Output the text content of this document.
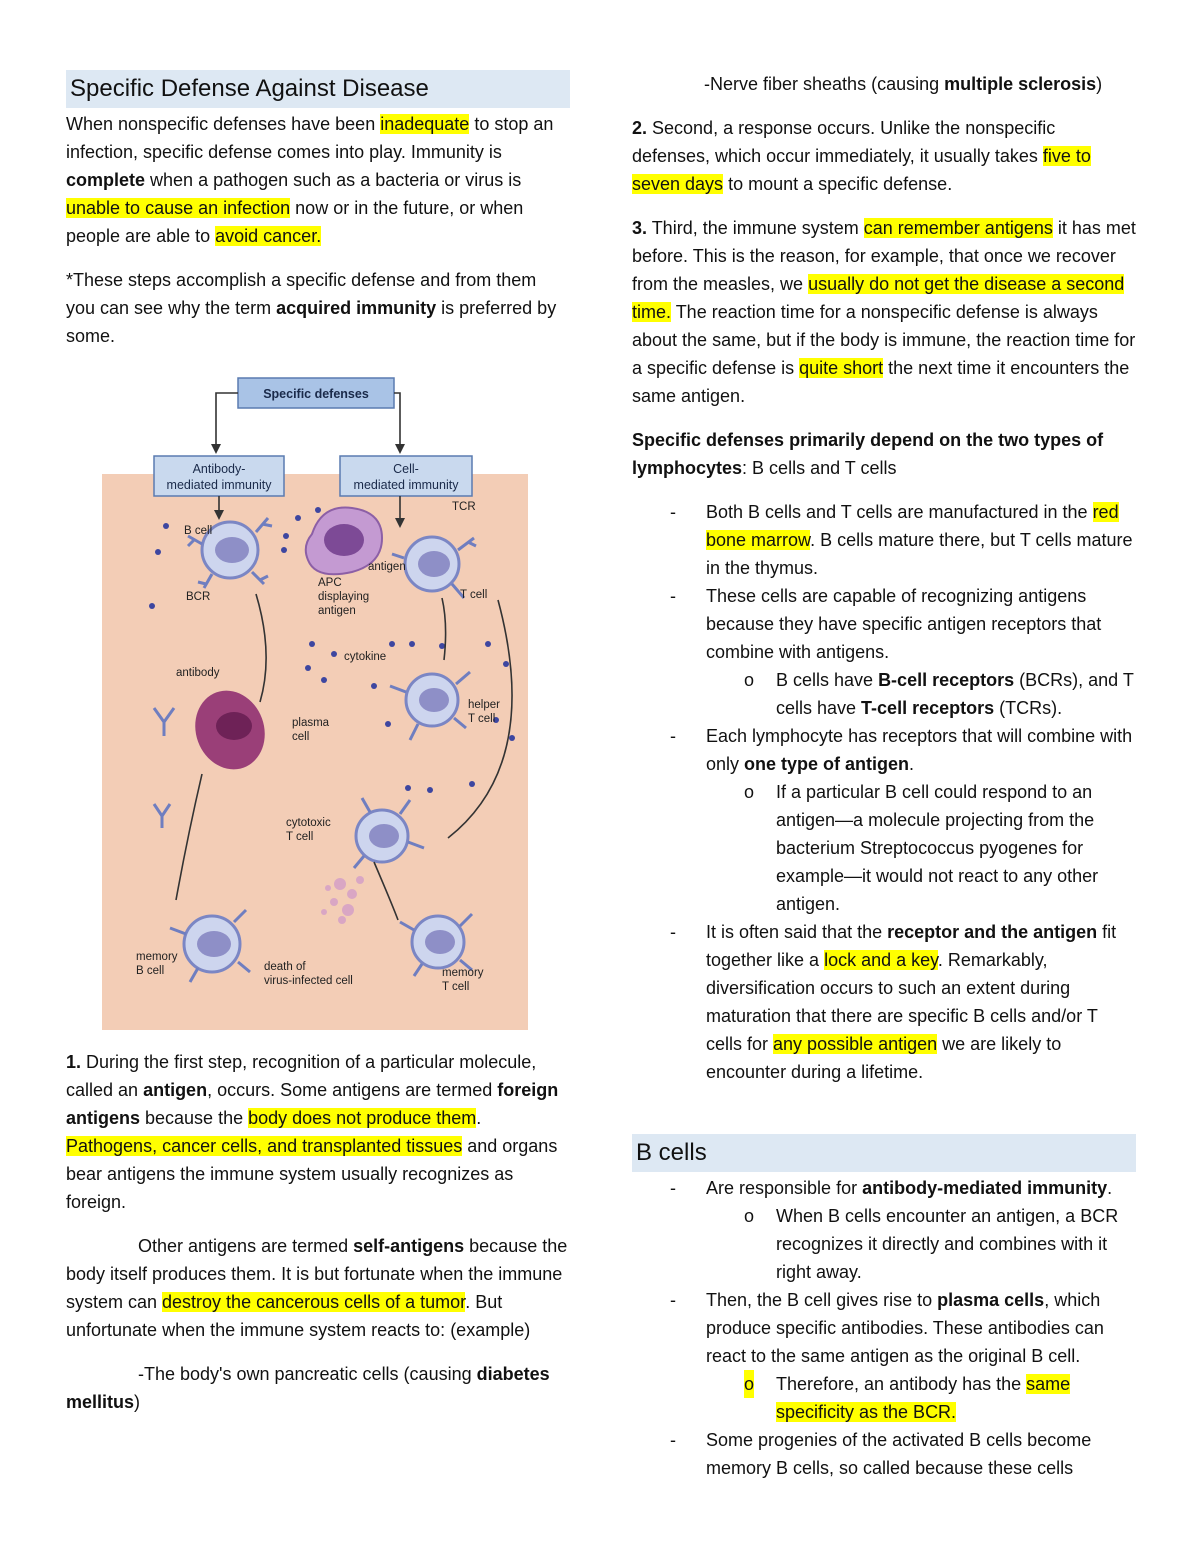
Specific Defense Against Disease

When nonspecific defenses have been inadequate to stop an infection, specific defense comes into play. Immunity is complete when a pathogen such as a bacteria or virus is unable to cause an infection now or in the future, or when people are able to avoid cancer.

*These steps accomplish a specific defense and from them you can see why the term acquired immunity is preferred by some.

Specific defenses
Antibody-
mediated immunity
Cell-
mediated immunity
B cell
BCR
TCR
antigen
APC
displaying
antigen
T cell
cytokine
antibody
plasma
cell
helper
T cell
cytotoxic
T cell
memory
B cell	death of
virus-infected cell
memory
T cell

1. During the first step, recognition of a particular molecule, called an antigen, occurs. Some antigens are termed foreign antigens because the body does not produce them. Pathogens, cancer cells, and transplanted tissues and organs bear antigens the immune system usually recognizes as foreign.

Other antigens are termed self-antigens because the body itself produces them. It is but fortunate when the immune system can destroy the cancerous cells of a tumor. But unfortunate when the immune system reacts to: (example)

-The body's own pancreatic cells (causing diabetes mellitus)

-Nerve fiber sheaths (causing multiple sclerosis)

2. Second, a response occurs. Unlike the nonspecific defenses, which occur immediately, it usually takes five to seven days to mount a specific defense.

3. Third, the immune system can remember antigens it has met before. This is the reason, for example, that once we recover from the measles, we usually do not get the disease a second time. The reaction time for a nonspecific defense is always about the same, but if the body is immune, the reaction time for a specific defense is quite short the next time it encounters the same antigen.

Specific defenses primarily depend on the two types of lymphocytes: B cells and T cells

- Both B cells and T cells are manufactured in the red bone marrow. B cells mature there, but T cells mature in the thymus.
- These cells are capable of recognizing antigens because they have specific antigen receptors that combine with antigens.
o B cells have B-cell receptors (BCRs), and T cells have T-cell receptors (TCRs).
- Each lymphocyte has receptors that will combine with only one type of antigen.
o If a particular B cell could respond to an antigen—a molecule projecting from the bacterium Streptococcus pyogenes for example—it would not react to any other antigen.
- It is often said that the receptor and the antigen fit together like a lock and a key. Remarkably, diversification occurs to such an extent during maturation that there are specific B cells and/or T cells for any possible antigen we are likely to encounter during a lifetime.
B cells
- Are responsible for antibody-mediated immunity.
o When B cells encounter an antigen, a BCR recognizes it directly and combines with it right away.
- Then, the B cell gives rise to plasma cells, which produce specific antibodies. These antibodies can react to the same antigen as the original B cell.
o Therefore, an antibody has the same specificity as the BCR.
- Some progenies of the activated B cells become memory B cells, so called because these cells
